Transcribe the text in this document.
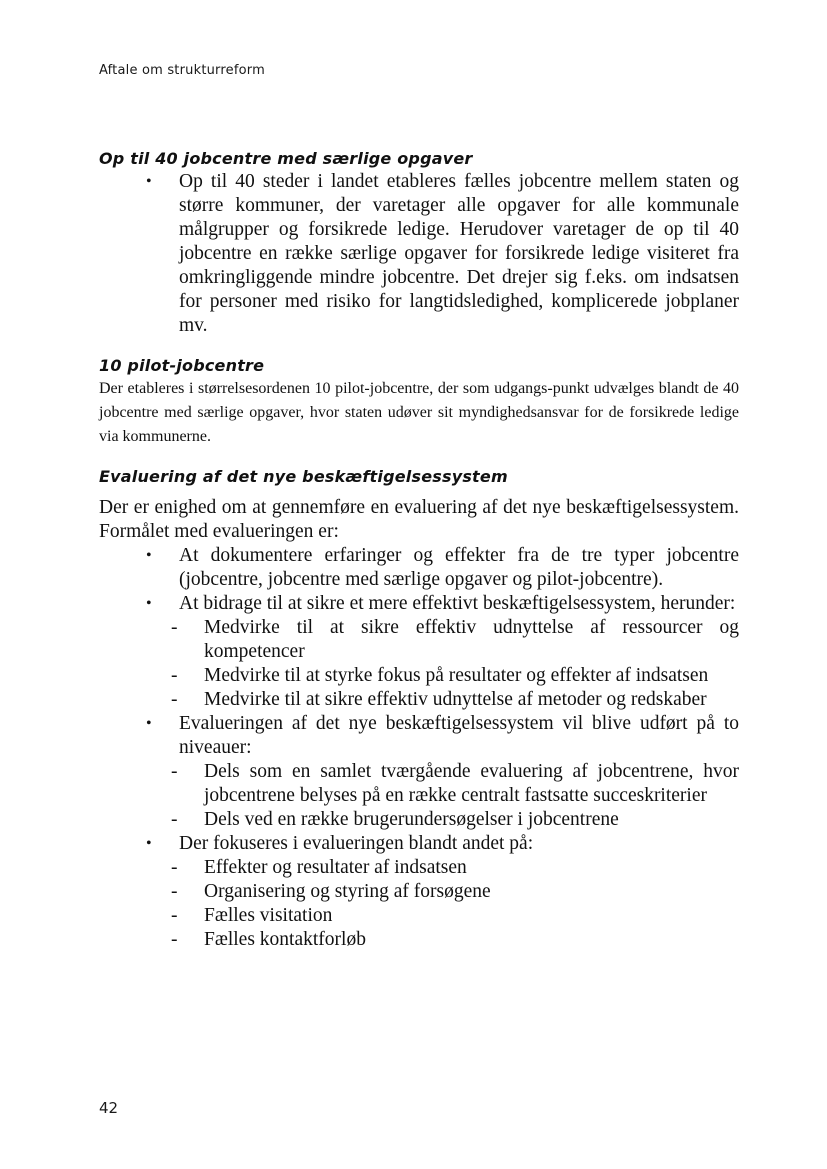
Aftale om strukturreform
Op til 40 jobcentre med særlige opgaver
• Op til 40 steder i landet etableres fælles jobcentre mellem staten og større kommuner, der varetager alle opgaver for alle kommunale målgrupper og forsikrede ledige. Herudover varetager de op til 40 jobcentre en række særlige opgaver for forsikrede ledige visiteret fra omkringliggende mindre jobcentre. Det drejer sig f.eks. om indsatsen for personer med risiko for langtidsledighed, komplicerede jobplaner mv.
10 pilot-jobcentre

Der etableres i størrelsesordenen 10 pilot-jobcentre, der som udgangs-punkt udvælges blandt de 40 jobcentre med særlige opgaver, hvor staten udøver sit myndighedsansvar for de forsikrede ledige via kommunerne.

Evaluering af det nye beskæftigelsessystem

Der er enighed om at gennemføre en evaluering af det nye beskæftigelsessystem. Formålet med evalueringen er:

• At dokumentere erfaringer og effekter fra de tre typer jobcentre (jobcentre, jobcentre med særlige opgaver og pilot-jobcentre).
• At bidrage til at sikre et mere effektivt beskæftigelsessystem, herunder:
- Medvirke til at sikre effektiv udnyttelse af ressourcer og kompetencer
- Medvirke til at styrke fokus på resultater og effekter af indsatsen
- Medvirke til at sikre effektiv udnyttelse af metoder og redskaber
• Evalueringen af det nye beskæftigelsessystem vil blive udført på to niveauer:
- Dels som en samlet tværgående evaluering af jobcentrene, hvor jobcentrene belyses på en række centralt fastsatte succeskriterier
- Dels ved en række brugerundersøgelser i jobcentrene
• Der fokuseres i evalueringen blandt andet på:
- Effekter og resultater af indsatsen
- Organisering og styring af forsøgene
- Fælles visitation
- Fælles kontaktforløb
42
